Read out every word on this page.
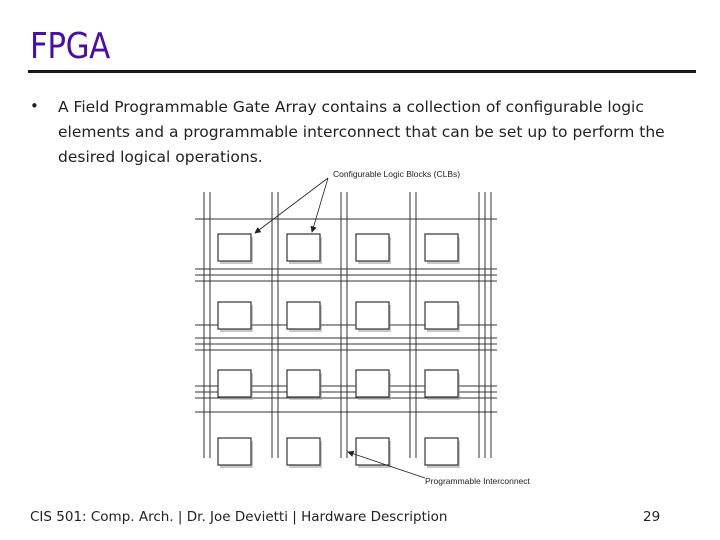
FPGA
• A Field Programmable Gate Array contains a collection of configurable logic elements and a programmable interconnect that can be set up to perform the desired logical operations.
Configurable Logic Blocks (CLBs)
Programmable Interconnect
CIS 501: Comp. Arch. | Dr. Joe Devietti | Hardware Description	29
